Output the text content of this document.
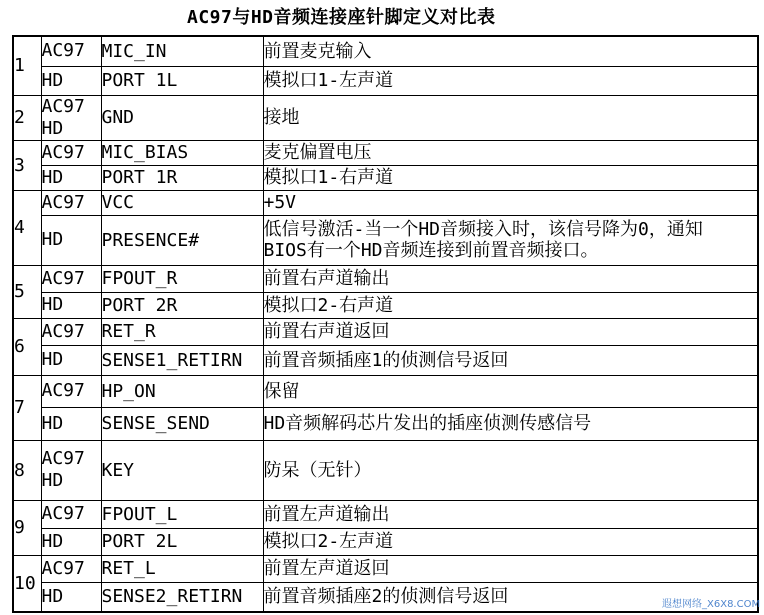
AC97与HD音频连接座针脚定义对比表
1	AC97	MIC_IN	前置麦克输入

	HD	PORT 1L	模拟口1-左声道

2	AC97
HD	GND	接地

3	AC97	MIC_BIAS	麦克偏置电压

	HD	PORT 1R	模拟口1-右声道

4	AC97	VCC	+5V

	HD	PRESENCE#	低信号激活-当一个HD音频接入时，该信号降为0，通知
BIOS有一个HD音频连接到前置音频接口。

5	AC97	FPOUT_R	前置右声道输出

	HD	PORT 2R	模拟口2-右声道

6	AC97	RET_R	前置右声道返回

	HD	SENSE1_RETIRN	前置音频插座1的侦测信号返回

7	AC97	HP_ON	保留

	HD	SENSE_SEND	HD音频解码芯片发出的插座侦测传感信号

8	AC97
HD	KEY	防呆（无针）

9	AC97	FPOUT_L	前置左声道输出

	HD	PORT 2L	模拟口2-左声道

10	AC97	RET_L	前置左声道返回

	HD	SENSE2_RETIRN	前置音频插座2的侦测信号返回	遐想网络_X6X8.COM
